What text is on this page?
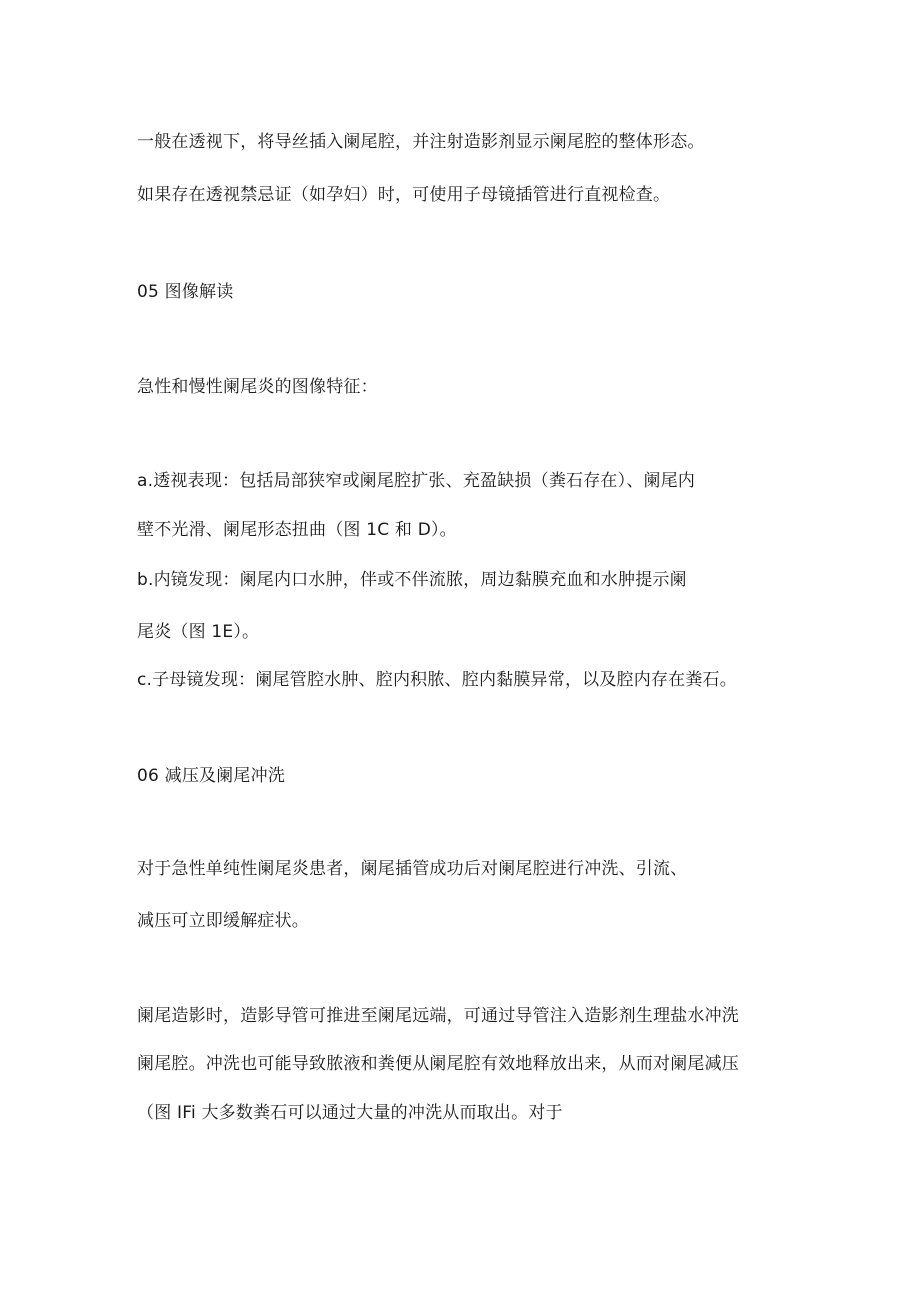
一般在透视下，将导丝插入阑尾腔，并注射造影剂显示阑尾腔的整体形态。
如果存在透视禁忌证（如孕妇）时，可使用子母镜插管进行直视检查。
05 图像解读
急性和慢性阑尾炎的图像特征：
a.透视表现：包括局部狭窄或阑尾腔扩张、充盈缺损（粪石存在）、阑尾内
壁不光滑、阑尾形态扭曲（图 1C 和 D）。
b.内镜发现：阑尾内口水肿，伴或不伴流脓，周边黏膜充血和水肿提示阑
尾炎（图 1E）。
c.子母镜发现：阑尾管腔水肿、腔内积脓、腔内黏膜异常，以及腔内存在粪石。
06 减压及阑尾冲洗
对于急性单纯性阑尾炎患者，阑尾插管成功后对阑尾腔进行冲洗、引流、
减压可立即缓解症状。
阑尾造影时，造影导管可推进至阑尾远端，可通过导管注入造影剂生理盐水冲洗
阑尾腔。冲洗也可能导致脓液和粪便从阑尾腔有效地释放出来，从而对阑尾减压
（图 IFi 大多数粪石可以通过大量的冲洗从而取出。对于
